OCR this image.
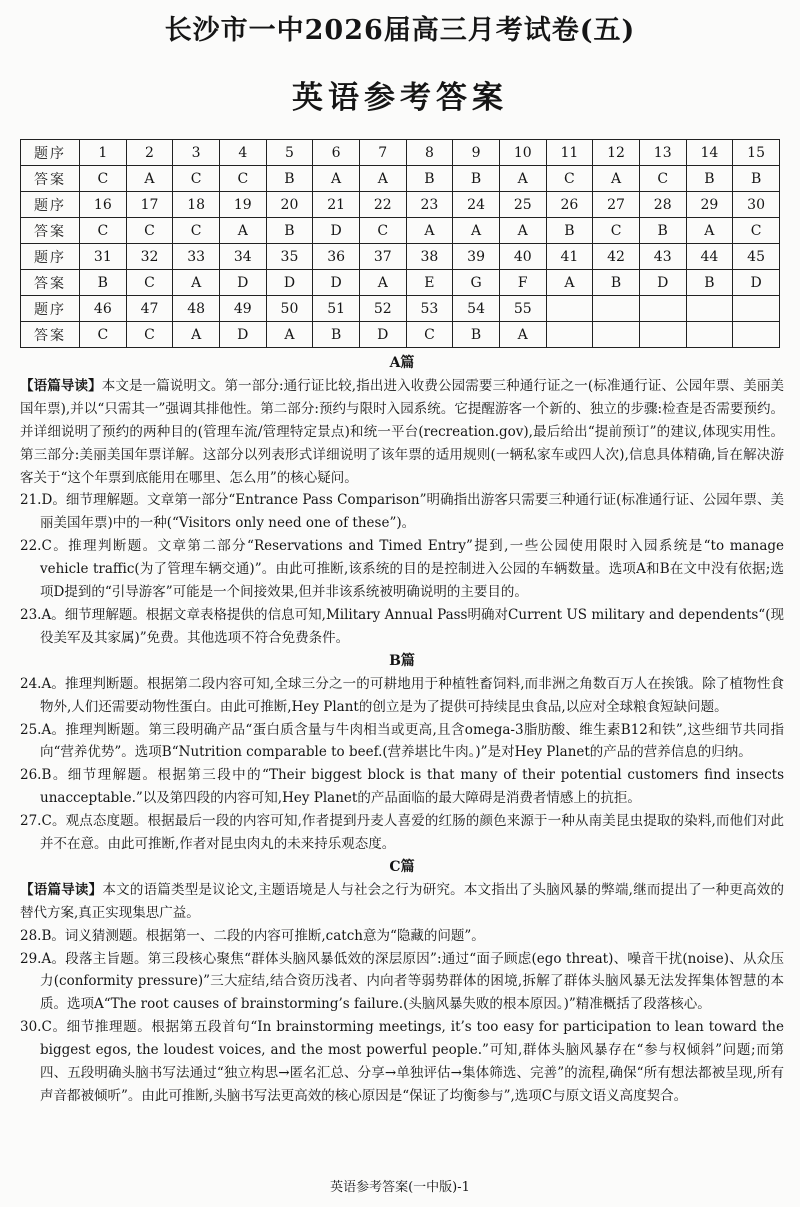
长沙市一中2026届高三月考试卷(五)
英语参考答案
题序	1	2	3	4	5	6	7	8	9	10	11	12	13	14	15
答案	C	A	C	C	B	A	A	B	B	A	C	A	C	B	B
题序	16	17	18	19	20	21	22	23	24	25	26	27	28	29	30
答案	C	C	C	A	B	D	C	A	A	A	B	C	B	A	C
题序	31	32	33	34	35	36	37	38	39	40	41	42	43	44	45
答案	B	C	A	D	D	D	A	E	G	F	A	B	D	B	D
题序	46	47	48	49	50	51	52	53	54	55					
答案	C	C	A	D	A	B	D	C	B	A					
A篇
【语篇导读】本文是一篇说明文。第一部分:通行证比较,指出进入收费公园需要三种通行证之一(标准通行证、公园年票、美丽美国年票),并以“只需其一”强调其排他性。第二部分:预约与限时入园系统。它提醒游客一个新的、独立的步骤:检查是否需要预约。并详细说明了预约的两种目的(管理车流/管理特定景点)和统一平台(recreation.gov),最后给出“提前预订”的建议,体现实用性。第三部分:美丽美国年票详解。这部分以列表形式详细说明了该年票的适用规则(一辆私家车或四人次),信息具体精确,旨在解决游客关于“这个年票到底能用在哪里、怎么用”的核心疑问。
21.D。细节理解题。文章第一部分“Entrance Pass Comparison”明确指出游客只需要三种通行证(标准通行证、公园年票、美丽美国年票)中的一种(“Visitors only need one of these”)。
22.C。推理判断题。文章第二部分“Reservations and Timed Entry”提到,一些公园使用限时入园系统是“to manage vehicle traffic(为了管理车辆交通)”。由此可推断,该系统的目的是控制进入公园的车辆数量。选项A和B在文中没有依据;选项D提到的“引导游客”可能是一个间接效果,但并非该系统被明确说明的主要目的。
23.A。细节理解题。根据文章表格提供的信息可知,Military Annual Pass明确对Current US military and dependents“(现役美军及其家属)”免费。其他选项不符合免费条件。
B篇
24.A。推理判断题。根据第二段内容可知,全球三分之一的可耕地用于种植牲畜饲料,而非洲之角数百万人在挨饿。除了植物性食物外,人们还需要动物性蛋白。由此可推断,Hey Plant的创立是为了提供可持续昆虫食品,以应对全球粮食短缺问题。
25.A。推理判断题。第三段明确产品“蛋白质含量与牛肉相当或更高,且含omega-3脂肪酸、维生素B12和铁”,这些细节共同指向“营养优势”。选项B“Nutrition comparable to beef.(营养堪比牛肉。)”是对Hey Planet的产品的营养信息的归纳。
26.B。细节理解题。根据第三段中的“Their biggest block is that many of their potential customers find insects unacceptable.”以及第四段的内容可知,Hey Planet的产品面临的最大障碍是消费者情感上的抗拒。
27.C。观点态度题。根据最后一段的内容可知,作者提到丹麦人喜爱的红肠的颜色来源于一种从南美昆虫提取的染料,而他们对此并不在意。由此可推断,作者对昆虫肉丸的未来持乐观态度。
C篇
【语篇导读】本文的语篇类型是议论文,主题语境是人与社会之行为研究。本文指出了头脑风暴的弊端,继而提出了一种更高效的替代方案,真正实现集思广益。
28.B。词义猜测题。根据第一、二段的内容可推断,catch意为“隐藏的问题”。
29.A。段落主旨题。第三段核心聚焦“群体头脑风暴低效的深层原因”:通过“面子顾虑(ego threat)、噪音干扰(noise)、从众压力(conformity pressure)”三大症结,结合资历浅者、内向者等弱势群体的困境,拆解了群体头脑风暴无法发挥集体智慧的本质。选项A“The root causes of brainstorming’s failure.(头脑风暴失败的根本原因。)”精准概括了段落核心。
30.C。细节推理题。根据第五段首句“In brainstorming meetings, it’s too easy for participation to lean toward the biggest egos, the loudest voices, and the most powerful people.”可知,群体头脑风暴存在“参与权倾斜”问题;而第四、五段明确头脑书写法通过“独立构思→匿名汇总、分享→单独评估→集体筛选、完善”的流程,确保“所有想法都被呈现,所有声音都被倾听”。由此可推断,头脑书写法更高效的核心原因是“保证了均衡参与”,选项C与原文语义高度契合。
英语参考答案(一中版)-1
